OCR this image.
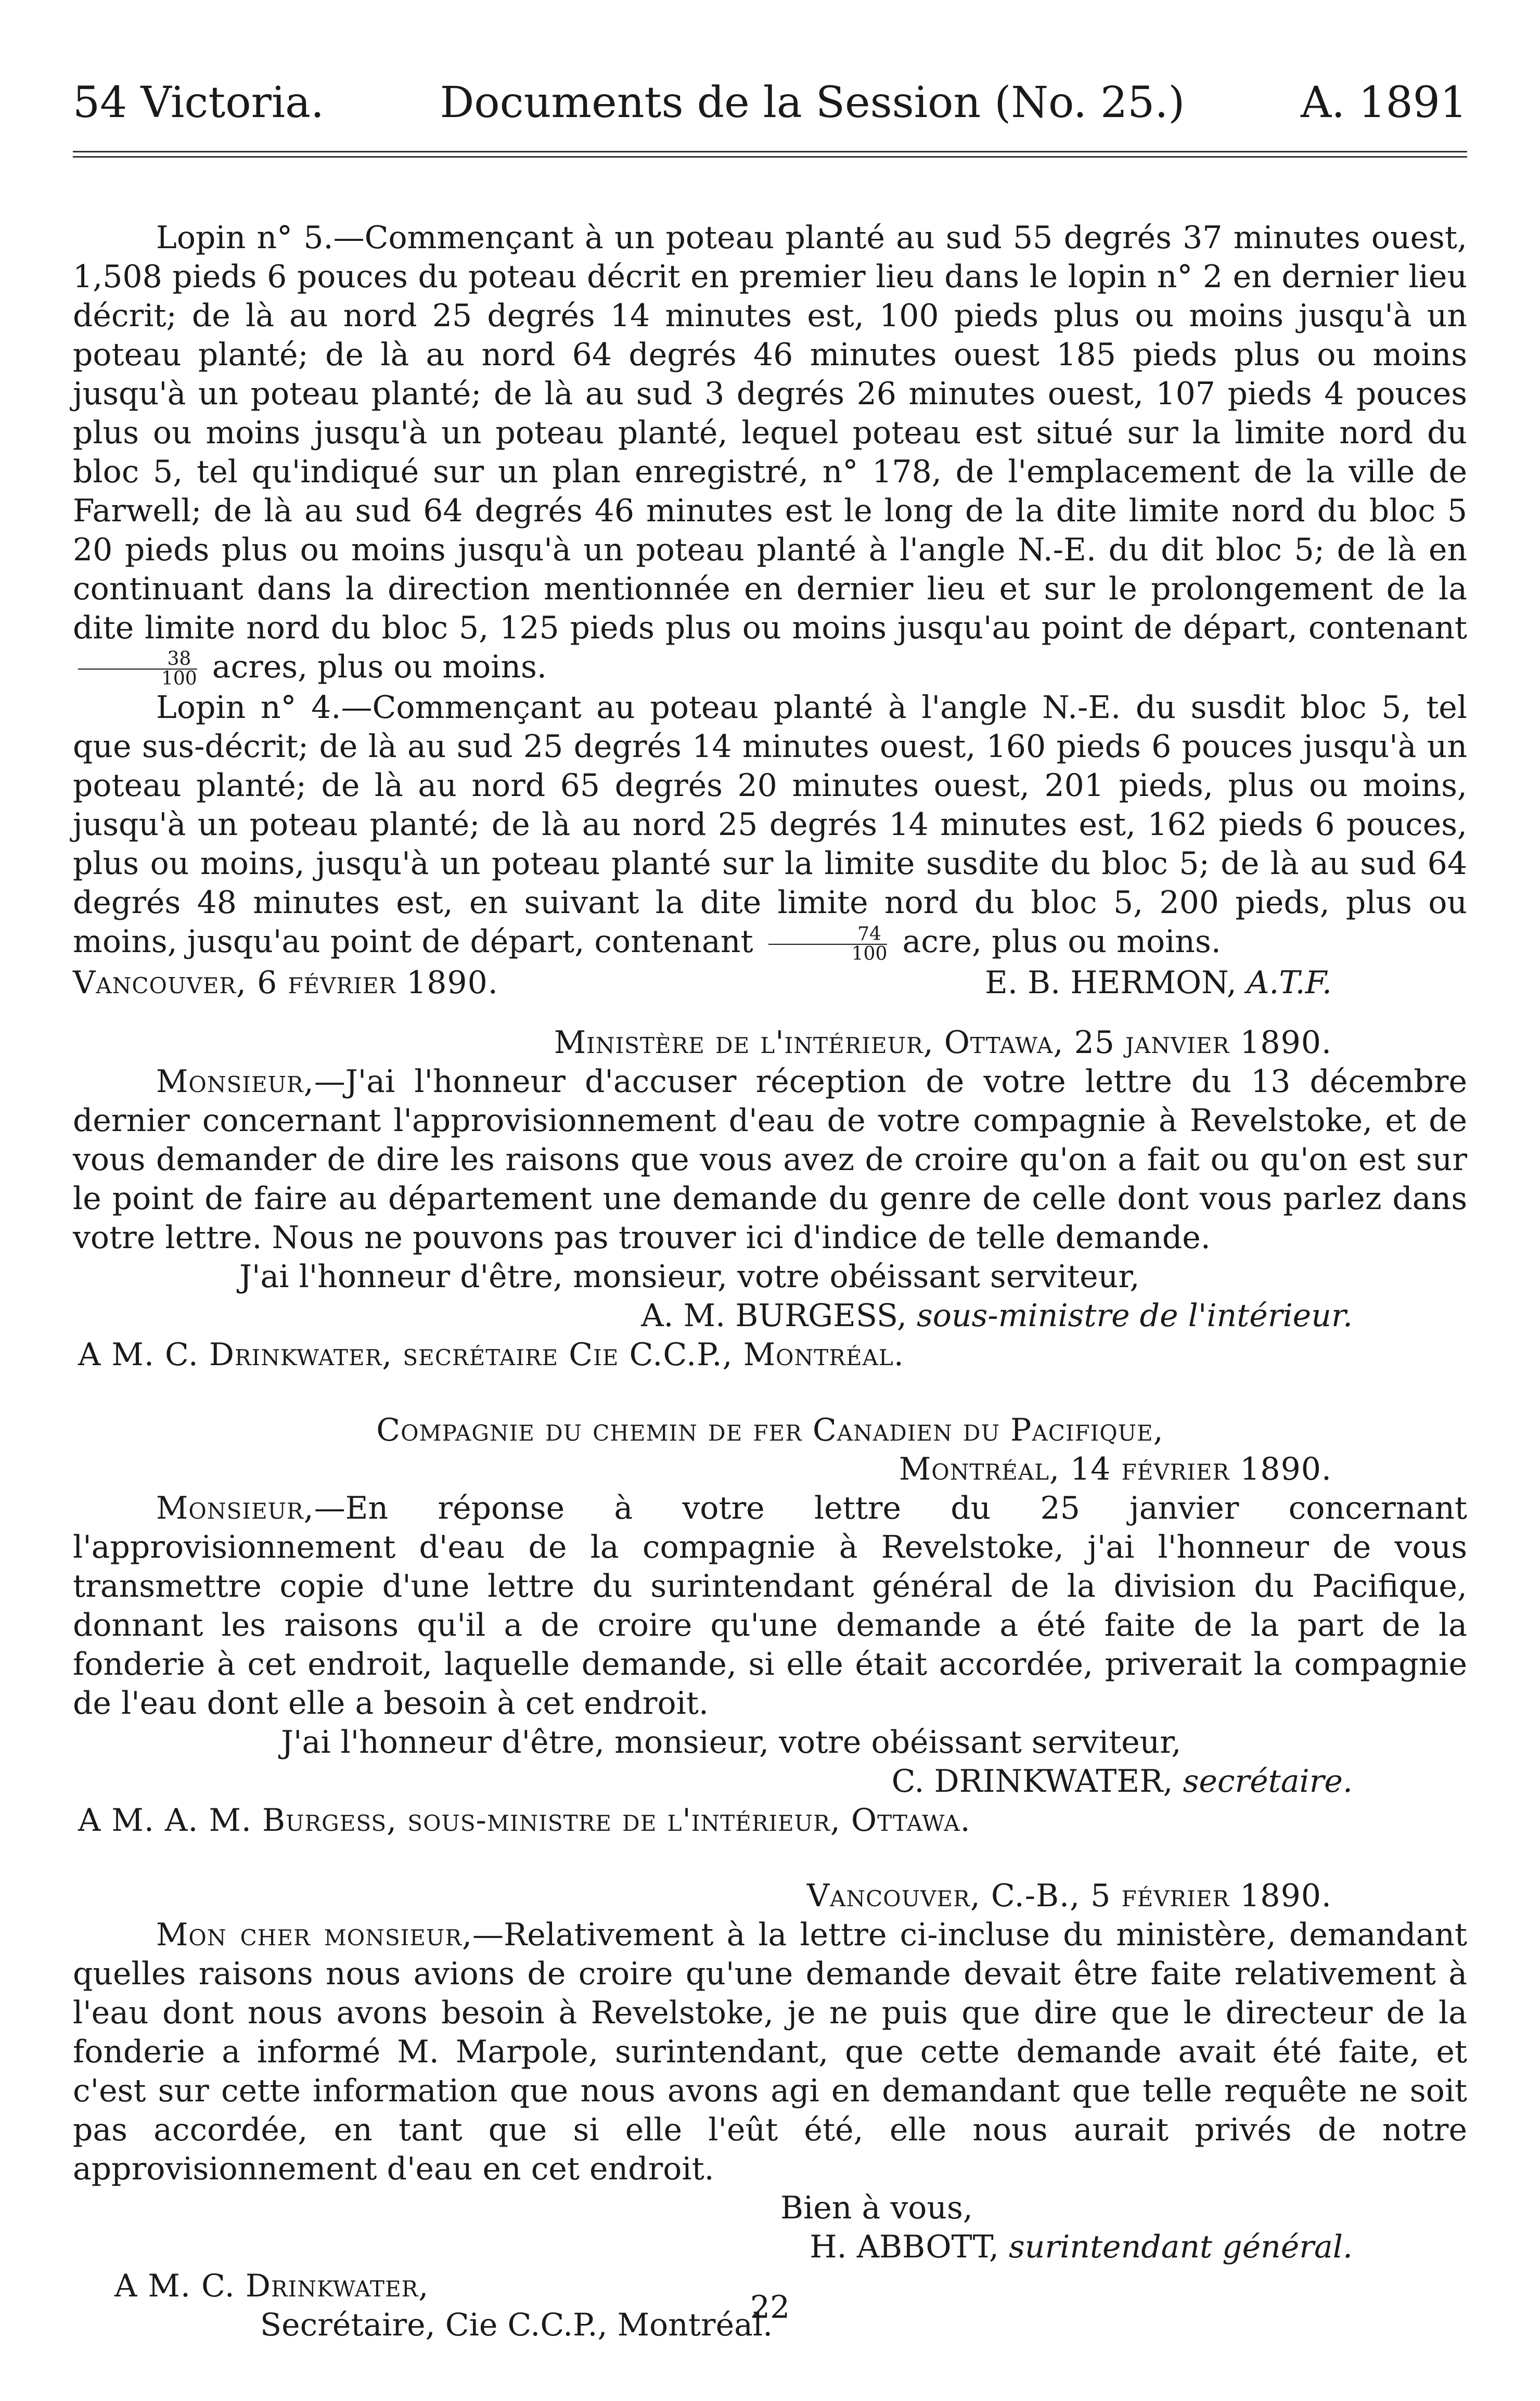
54 Victoria.	Documents de la Session (No. 25.)	A. 1891

Lopin n° 5.—Commençant à un poteau planté au sud 55 degrés 37 minutes ouest, 1,508 pieds 6 pouces du poteau décrit en premier lieu dans le lopin n° 2 en dernier lieu décrit; de là au nord 25 degrés 14 minutes est, 100 pieds plus ou moins jusqu'à un poteau planté; de là au nord 64 degrés 46 minutes ouest 185 pieds plus ou moins jusqu'à un poteau planté; de là au sud 3 degrés 26 minutes ouest, 107 pieds 4 pouces plus ou moins jusqu'à un poteau planté, lequel poteau est situé sur la limite nord du bloc 5, tel qu'indiqué sur un plan enregistré, n° 178, de l'emplacement de la ville de Farwell; de là au sud 64 degrés 46 minutes est le long de la dite limite nord du bloc 5 20 pieds plus ou moins jusqu'à un poteau planté à l'angle N.-E. du dit bloc 5; de là en continuant dans la direction mentionnée en dernier lieu et sur le prolongement de la dite limite nord du bloc 5, 125 pieds plus ou moins jusqu'au point de départ, contenant
$\frac{38}{100}$ acres, plus ou moins.

Lopin n° 4.—Commençant au poteau planté à l'angle N.-E. du susdit bloc 5, tel que sus-décrit; de là au sud 25 degrés 14 minutes ouest, 160 pieds 6 pouces jusqu'à un poteau planté; de là au nord 65 degrés 20 minutes ouest, 201 pieds, plus ou moins, jusqu'à un poteau planté; de là au nord 25 degrés 14 minutes est, 162 pieds 6 pouces, plus ou moins, jusqu'à un poteau planté sur la limite susdite du bloc 5; de là au sud 64 degrés 48 minutes est, en suivant la dite limite nord du bloc 5, 200 pieds, plus ou moins, jusqu'au point de départ, contenant $\frac{74}{100}$ acre, plus ou moins.

Vancouver, 6 février 1890.	E. B. HERMON, A.T.F.

Ministère de l'intérieur, Ottawa, 25 janvier 1890.

Monsieur,—J'ai l'honneur d'accuser réception de votre lettre du 13 décembre dernier concernant l'approvisionnement d'eau de votre compagnie à Revelstoke, et de vous demander de dire les raisons que vous avez de croire qu'on a fait ou qu'on est sur le point de faire au département une demande du genre de celle dont vous parlez dans votre lettre. Nous ne pouvons pas trouver ici d'indice de telle demande.

J'ai l'honneur d'être, monsieur, votre obéissant serviteur,

A. M. BURGESS, sous-ministre de l'intérieur.

A M. C. Drinkwater, secrétaire Cie C.C.P., Montréal.

Compagnie du chemin de fer Canadien du Pacifique,

Montréal, 14 février 1890.

Monsieur,—En réponse à votre lettre du 25 janvier concernant l'approvisionnement d'eau de la compagnie à Revelstoke, j'ai l'honneur de vous transmettre copie d'une lettre du surintendant général de la division du Pacifique, donnant les raisons qu'il a de croire qu'une demande a été faite de la part de la fonderie à cet endroit, laquelle demande, si elle était accordée, priverait la compagnie de l'eau dont elle a besoin à cet endroit.

J'ai l'honneur d'être, monsieur, votre obéissant serviteur,

C. DRINKWATER, secrétaire.

A M. A. M. Burgess, sous-ministre de l'intérieur, Ottawa.

Vancouver, C.-B., 5 février 1890.

Mon cher monsieur,—Relativement à la lettre ci-incluse du ministère, demandant quelles raisons nous avions de croire qu'une demande devait être faite relativement à l'eau dont nous avons besoin à Revelstoke, je ne puis que dire que le directeur de la fonderie a informé M. Marpole, surintendant, que cette demande avait été faite, et c'est sur cette information que nous avons agi en demandant que telle requête ne soit pas accordée, en tant que si elle l'eût été, elle nous aurait privés de notre approvisionnement d'eau en cet endroit.

Bien à vous,

H. ABBOTT, surintendant général.

A M. C. Drinkwater,

Secrétaire, Cie C.C.P., Montréal.

22
